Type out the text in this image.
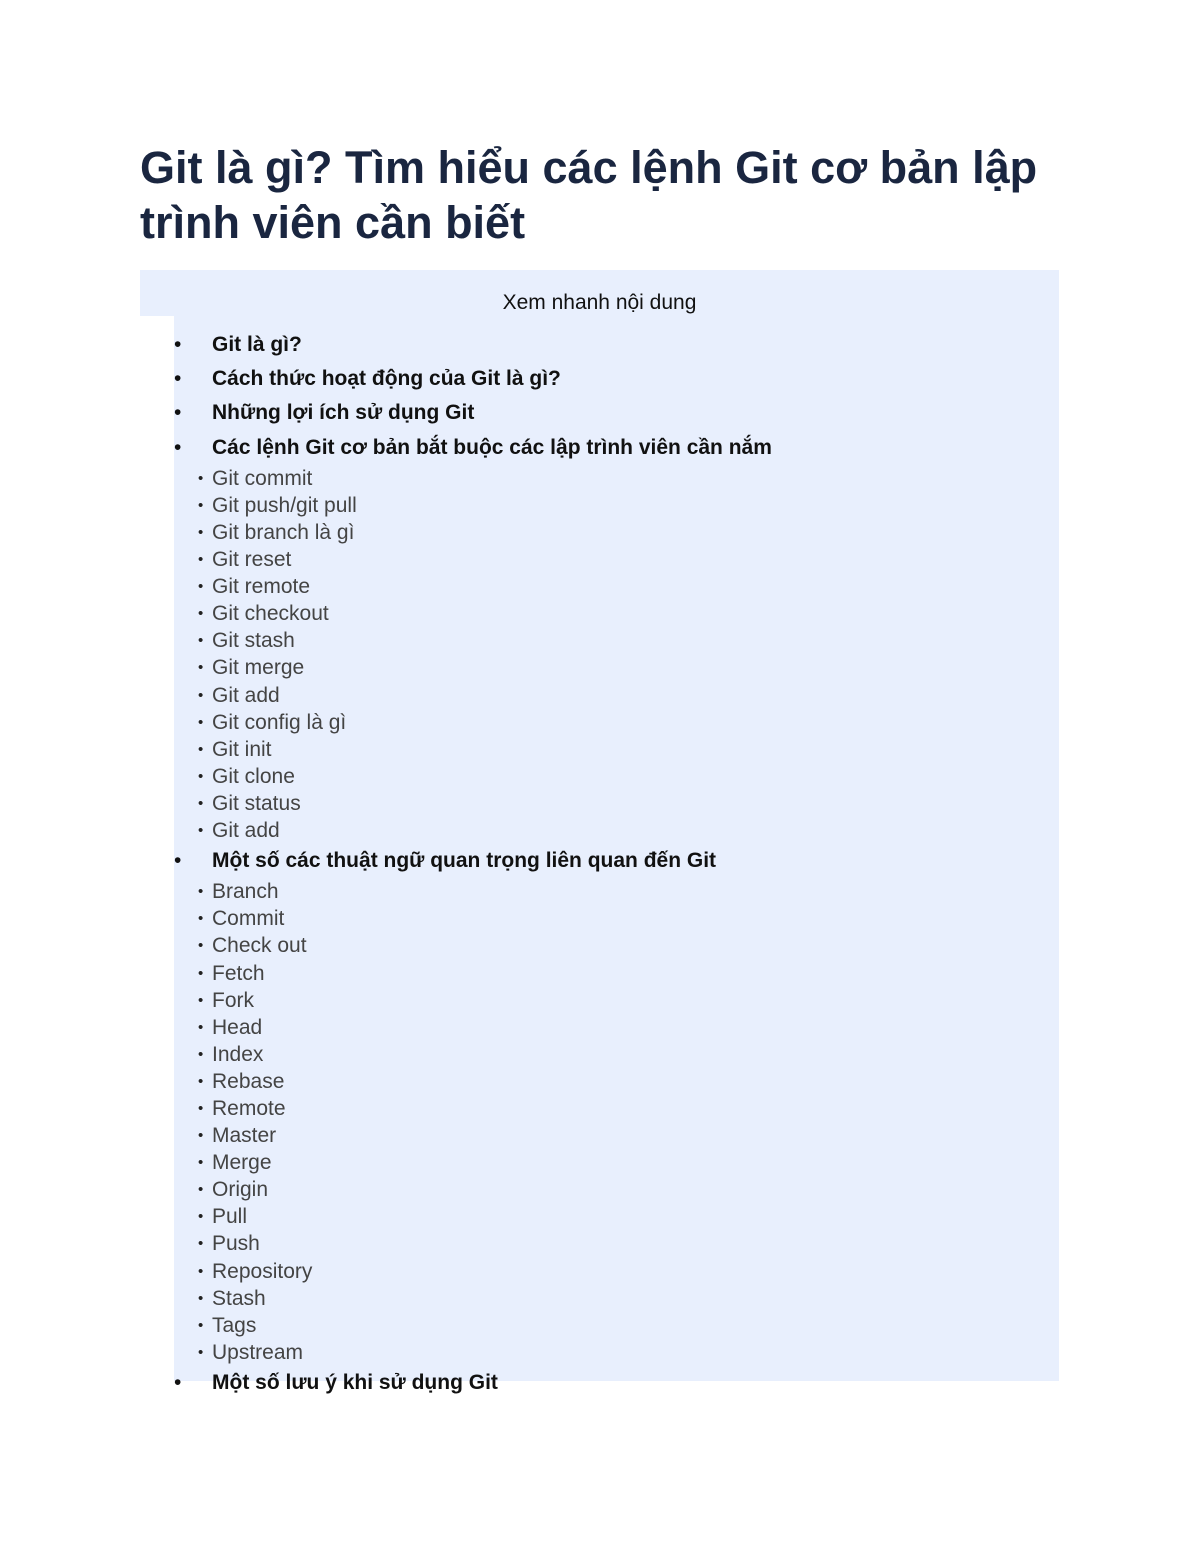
Git là gì? Tìm hiểu các lệnh Git cơ bản lập trình viên cần biết
Xem nhanh nội dung
• Git là gì?
• Cách thức hoạt động của Git là gì?
• Những lợi ích sử dụng Git
• Các lệnh Git cơ bản bắt buộc các lập trình viên cần nắm
• Git commit
• Git push/git pull
• Git branch là gì
• Git reset
• Git remote
• Git checkout
• Git stash
• Git merge
• Git add
• Git config là gì
• Git init
• Git clone
• Git status
• Git add
• Một số các thuật ngữ quan trọng liên quan đến Git
• Branch
• Commit
• Check out
• Fetch
• Fork
• Head
• Index
• Rebase
• Remote
• Master
• Merge
• Origin
• Pull
• Push
• Repository
• Stash
• Tags
• Upstream
• Một số lưu ý khi sử dụng Git
